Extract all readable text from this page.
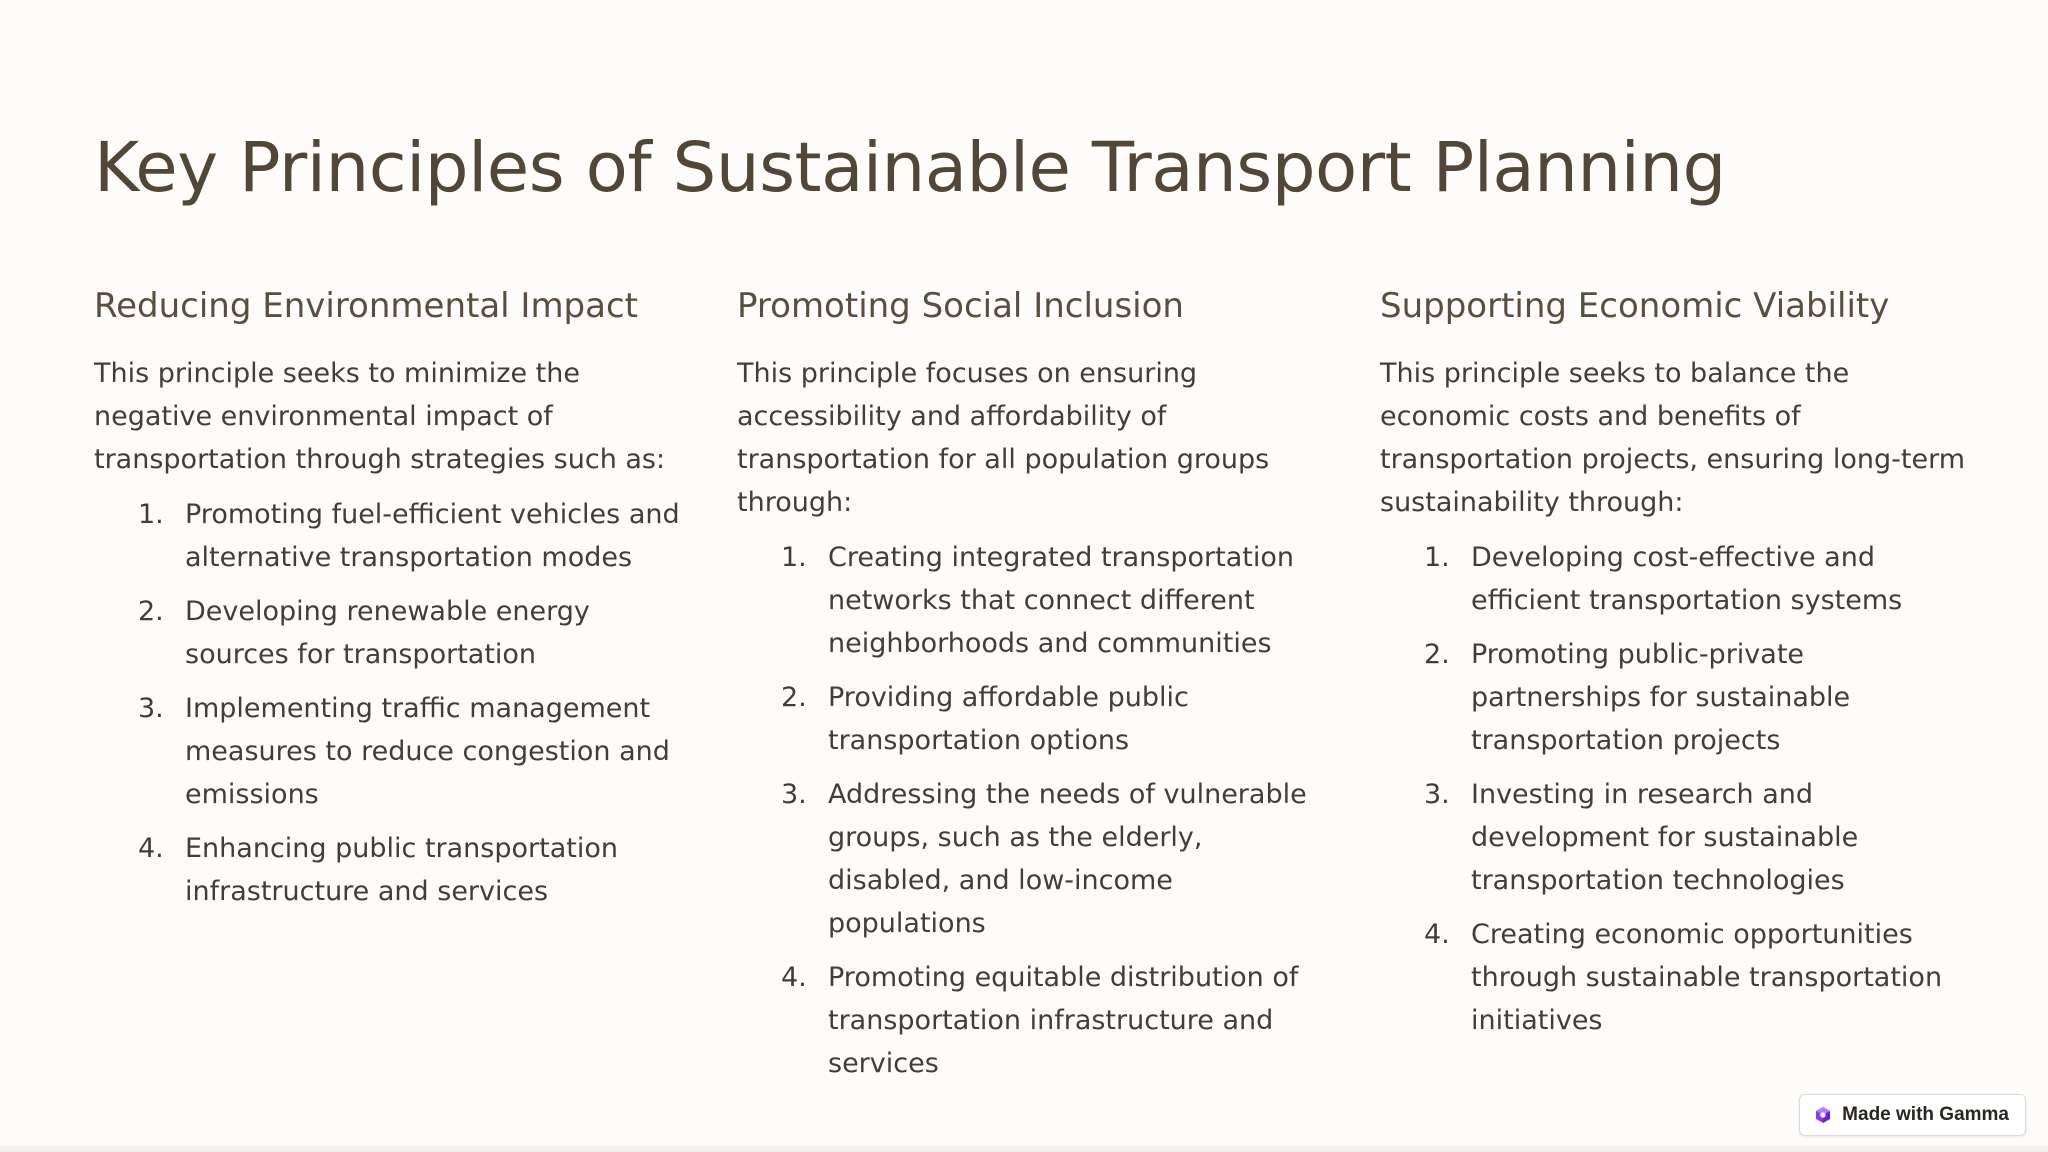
Key Principles of Sustainable Transport Planning
Reducing Environmental Impact

This principle seeks to minimize the negative environmental impact of transportation through strategies such as:

1. Promoting fuel-efficient vehicles and alternative transportation modes
2. Developing renewable energy sources for transportation
3. Implementing traffic management measures to reduce congestion and emissions
4. Enhancing public transportation infrastructure and services
Promoting Social Inclusion

This principle focuses on ensuring accessibility and affordability of transportation for all population groups through:

1. Creating integrated transportation networks that connect different neighborhoods and communities
2. Providing affordable public transportation options
3. Addressing the needs of vulnerable groups, such as the elderly, disabled, and low-income populations
4. Promoting equitable distribution of transportation infrastructure and services
Supporting Economic Viability

This principle seeks to balance the economic costs and benefits of transportation projects, ensuring long-term sustainability through:

1. Developing cost-effective and efficient transportation systems
2. Promoting public-private partnerships for sustainable transportation projects
3. Investing in research and development for sustainable transportation technologies
4. Creating economic opportunities through sustainable transportation initiatives
Made with Gamma
